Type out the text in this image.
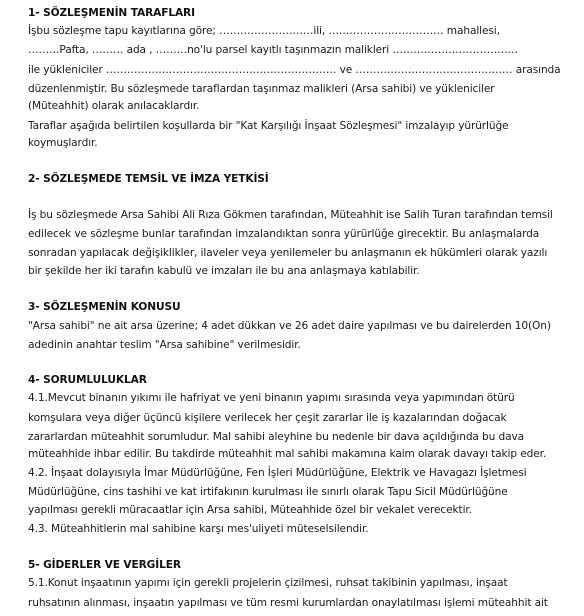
1- SÖZLEŞMENİN TARAFLARI
İşbu sözleşme tapu kayıtlarına göre; ………………………ili, …………………………… mahallesi,
………Pafta, ……… ada , ………no'lu parsel kayıtlı taşınmazın malikleri ………………………………
ile yükleniciler ………………………………………………………… ve ……………………………………… arasında
düzenlenmiştir. Bu sözleşmede taraflardan taşınmaz malikleri (Arsa sahibi) ve yükleniciler
(Müteahhit) olarak anılacaklardır.
Taraflar aşağıda belirtilen koşullarda bir "Kat Karşılığı İnşaat Sözleşmesi" imzalayıp yürürlüğe
koymuşlardır.
2- SÖZLEŞMEDE TEMSİL VE İMZA YETKİSİ
İş bu sözleşmede Arsa Sahibi Ali Rıza Gökmen tarafından, Müteahhit ise Salih Turan tarafından temsil
edilecek ve sözleşme bunlar tarafından imzalandıktan sonra yürürlüğe girecektir. Bu anlaşmalarda
sonradan yapılacak değişiklikler, ilaveler veya yenilemeler bu anlaşmanın ek hükümleri olarak yazılı
bir şekilde her iki tarafın kabulü ve imzaları ile bu ana anlaşmaya katılabilir.
3- SÖZLEŞMENİN KONUSU
"Arsa sahibi" ne ait arsa üzerine; 4 adet dükkan ve 26 adet daire yapılması ve bu dairelerden 10(On)
adedinin anahtar teslim "Arsa sahibine" verilmesidir.
4- SORUMLULUKLAR
4.1.Mevcut binanın yıkımı ile hafriyat ve yeni binanın yapımı sırasında veya yapımından ötürü
komşulara veya diğer üçüncü kişilere verilecek her çeşit zararlar ile iş kazalarından doğacak
zararlardan müteahhit sorumludur. Mal sahibi aleyhine bu nedenle bir dava açıldığında bu dava
müteahhide ihbar edilir. Bu takdirde müteahhit mal sahibi makamına kaim olarak davayı takip eder.
4.2. İnşaat dolayısıyla İmar Müdürlüğüne, Fen İşleri Müdürlüğüne, Elektrik ve Havagazı İşletmesi
Müdürlüğüne, cins tashihi ve kat irtifakının kurulması ile sınırlı olarak Tapu Sicil Müdürlüğüne
yapılması gerekli müracaatlar için Arsa sahibi, Müteahhide özel bir vekalet verecektir.
4.3. Müteahhitlerin mal sahibine karşı mes'uliyeti müteselsilendir.
5- GİDERLER VE VERGİLER
5.1.Konut inşaatının yapımı için gerekli projelerin çizilmesi, ruhsat takibinin yapılması, inşaat
ruhsatının alınması, inşaatın yapılması ve tüm resmi kurumlardan onaylatılması işlemi müteahhit ait
